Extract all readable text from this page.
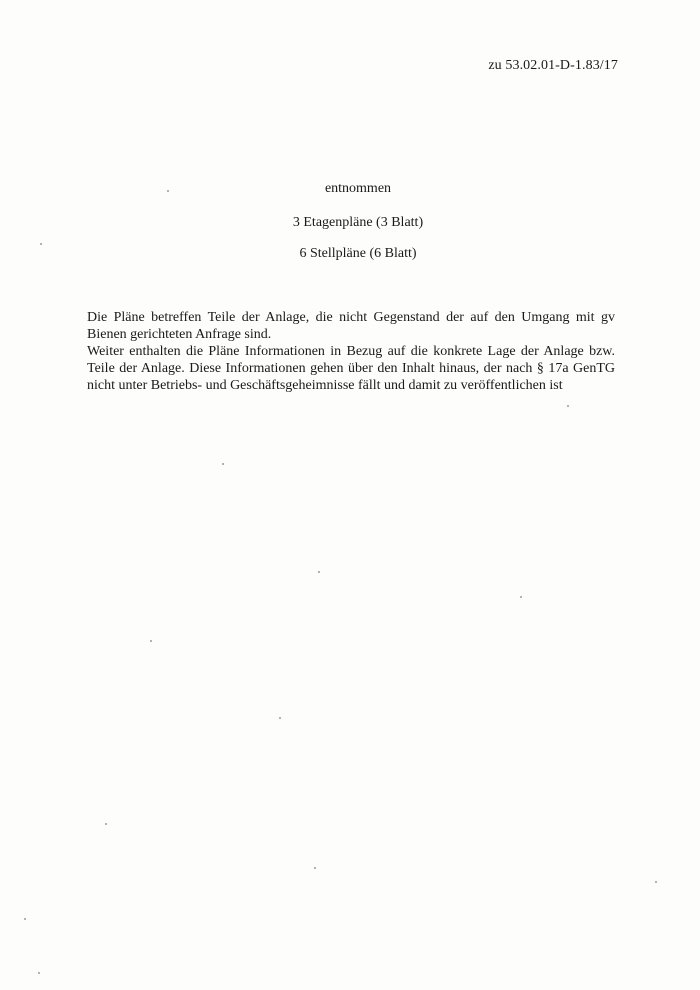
zu 53.02.01-D-1.83/17
entnommen
3 Etagenpläne (3 Blatt)
6 Stellpläne (6 Blatt)

Die Pläne betreffen Teile der Anlage, die nicht Gegenstand der auf den Umgang mit gv Bienen gerichteten Anfrage sind.

Weiter enthalten die Pläne Informationen in Bezug auf die konkrete Lage der Anlage bzw. Teile der Anlage. Diese Informationen gehen über den Inhalt hinaus, der nach § 17a GenTG nicht unter Betriebs- und Geschäftsgeheimnisse fällt und damit zu veröffentlichen ist
